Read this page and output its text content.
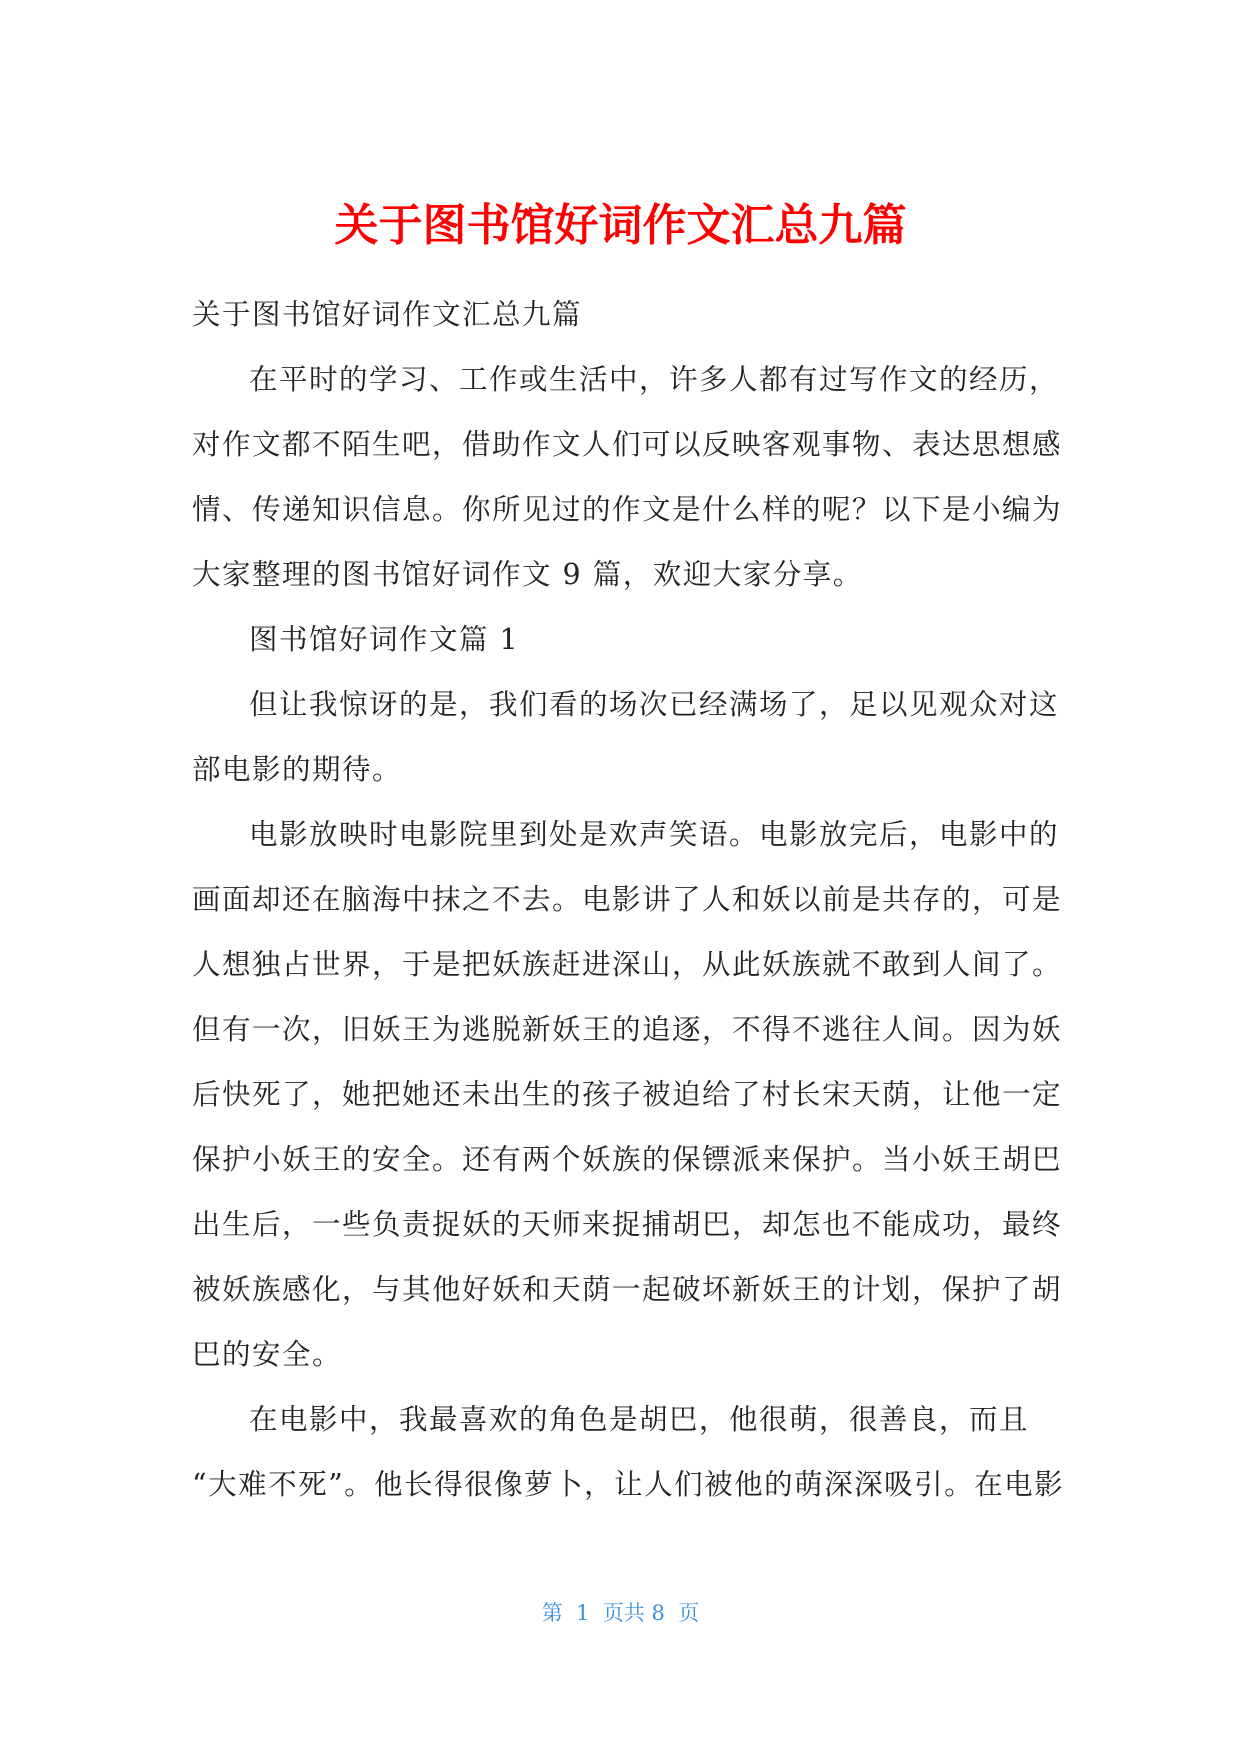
关于图书馆好词作文汇总九篇
关于图书馆好词作文汇总九篇
在平时的学习、工作或生活中，许多人都有过写作文的经历，
对作文都不陌生吧，借助作文人们可以反映客观事物、表达思想感
情、传递知识信息。你所见过的作文是什么样的呢？以下是小编为
大家整理的图书馆好词作文 9 篇，欢迎大家分享。
图书馆好词作文篇 1
但让我惊讶的是，我们看的场次已经满场了，足以见观众对这
部电影的期待。
电影放映时电影院里到处是欢声笑语。电影放完后，电影中的
画面却还在脑海中抹之不去。电影讲了人和妖以前是共存的，可是
人想独占世界，于是把妖族赶进深山，从此妖族就不敢到人间了。
但有一次，旧妖王为逃脱新妖王的追逐，不得不逃往人间。因为妖
后快死了，她把她还未出生的孩子被迫给了村长宋天荫，让他一定
保护小妖王的安全。还有两个妖族的保镖派来保护。当小妖王胡巴
出生后，一些负责捉妖的天师来捉捕胡巴，却怎也不能成功，最终
被妖族感化，与其他好妖和天荫一起破坏新妖王的计划，保护了胡
巴的安全。
在电影中，我最喜欢的角色是胡巴，他很萌，很善良，而且
“大难不死”。他长得很像萝卜，让人们被他的萌深深吸引。在电影
第  1  页共 8  页
